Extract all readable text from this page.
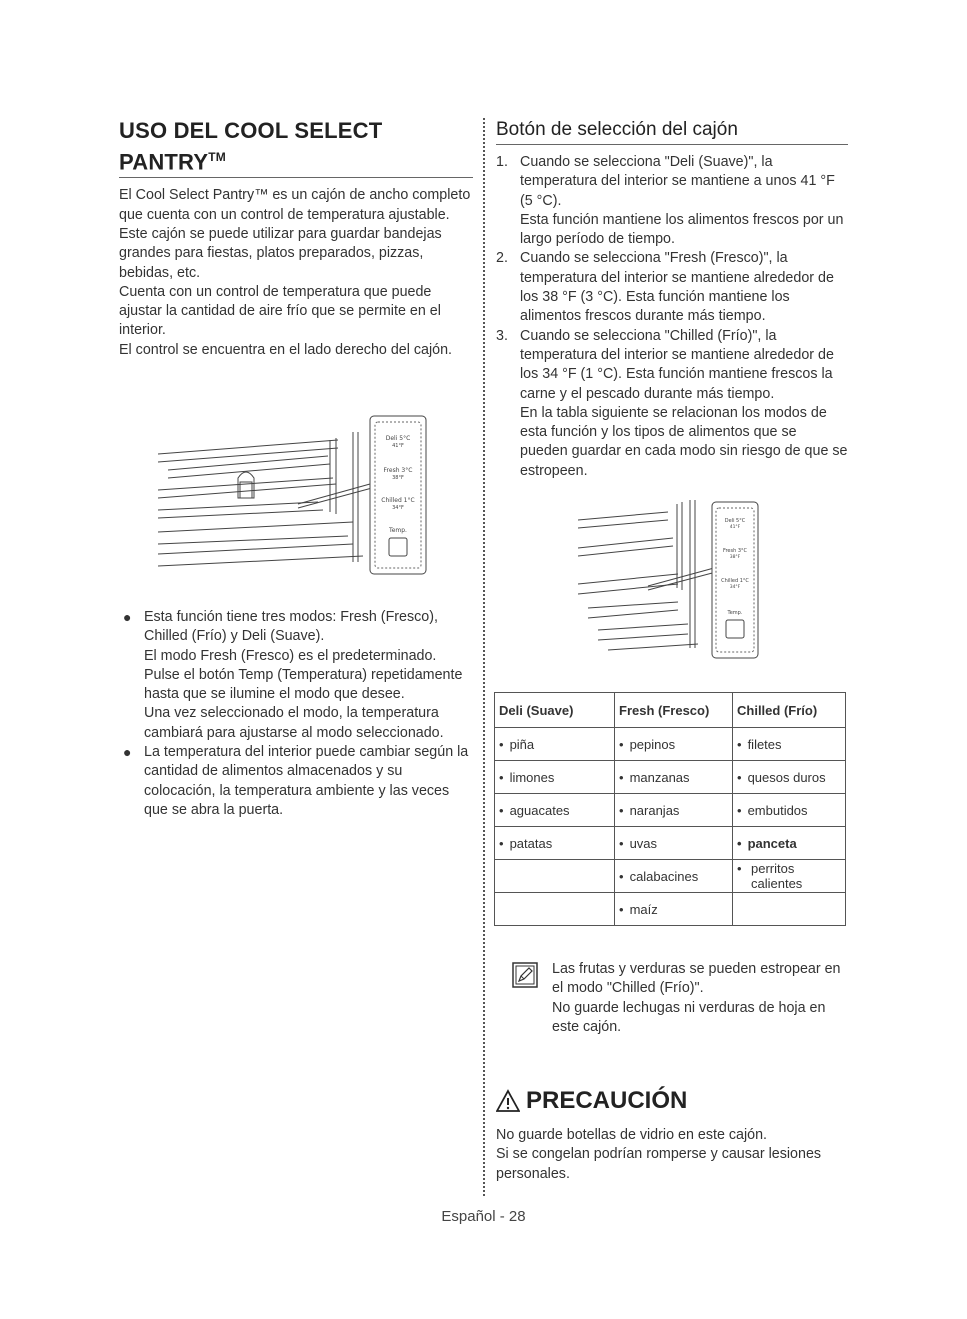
USO DEL COOL SELECT
PANTRY™

El Cool Select Pantry™ es un cajón de ancho completo que cuenta con un control de temperatura ajustable.

Este cajón se puede utilizar para guardar bandejas grandes para fiestas, platos preparados, pizzas, bebidas, etc.

Cuenta con un control de temperatura que puede ajustar la cantidad de aire frío que se permite en el interior.

El control se encuentra en el lado derecho del cajón.

Deli 5°C
41°F
Fresh 3°C
38°F
Chilled 1°C
34°F
Temp.
● Esta función tiene tres modos: Fresh (Fresco), Chilled (Frío) y Deli (Suave).
El modo Fresh (Fresco) es el predeterminado. Pulse el botón Temp (Temperatura) repetidamente hasta que se ilumine el modo que desee.
Una vez seleccionado el modo, la temperatura cambiará para ajustarse al modo seleccionado.
● La temperatura del interior puede cambiar según la cantidad de alimentos almacenados y su colocación, la temperatura ambiente y las veces que se abra la puerta.
Botón de selección del cajón
1. Cuando se selecciona "Deli (Suave)", la temperatura del interior se mantiene a unos 41 °F (5 °C).
Esta función mantiene los alimentos frescos por un largo período de tiempo.
2. Cuando se selecciona "Fresh (Fresco)", la temperatura del interior se mantiene alrededor de los 38 °F (3 °C). Esta función mantiene los alimentos frescos durante más tiempo.
3. Cuando se selecciona "Chilled (Frío)", la temperatura del interior se mantiene alrededor de los 34 °F (1 °C). Esta función mantiene frescos la carne y el pescado durante más tiempo.
En la tabla siguiente se relacionan los modos de esta función y los tipos de alimentos que se pueden guardar en cada modo sin riesgo de que se estropeen.
Deli 5°C
41°F
Fresh 3°C
38°F
Chilled 1°C
34°F
Temp.
Deli (Suave)	Fresh (Fresco)	Chilled (Frío)
• piña	• pepinos	• filetes
• limones	• manzanas	• quesos duros
• aguacates	• naranjas	• embutidos
• patatas	• uvas	• panceta
	• calabacines	• perritos calientes

	• maíz	
Las frutas y verduras se pueden estropear en el modo "Chilled (Frío)".
No guarde lechugas ni verduras de hoja en este cajón.
PRECAUCIÓN
No guarde botellas de vidrio en este cajón.
Si se congelan podrían romperse y causar lesiones personales.
Español - 28
